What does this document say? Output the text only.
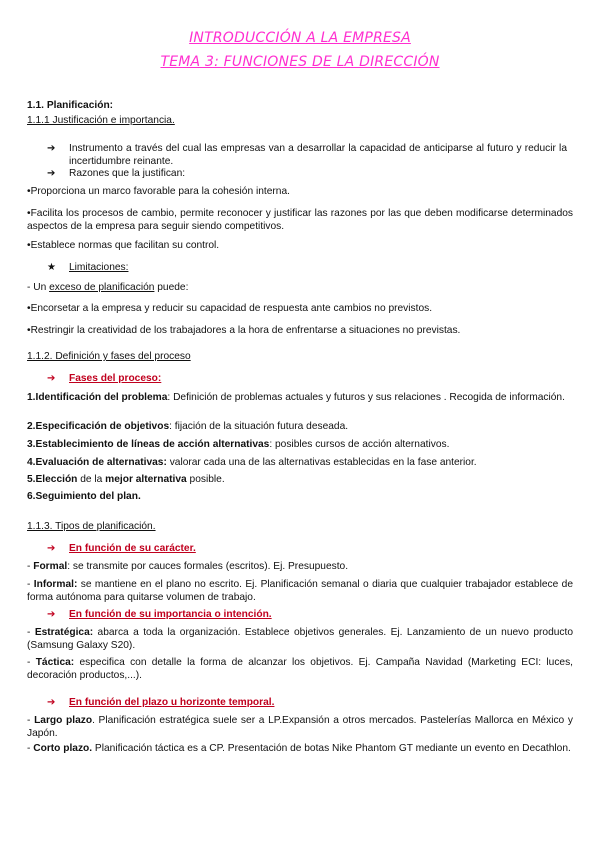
INTRODUCCIÓN A LA EMPRESA
TEMA 3: FUNCIONES DE LA DIRECCIÓN
1.1. Planificación:
1.1.1 Justificación e importancia.
➔ Instrumento a través del cual las empresas van a desarrollar la capacidad de anticiparse al futuro y reducir la incertidumbre reinante.
➔ Razones que la justifican:
•Proporciona un marco favorable para la cohesión interna.
•Facilita los procesos de cambio, permite reconocer y justificar las razones por las que deben modificarse determinados aspectos de la empresa para seguir siendo competitivos.
•Establece normas que facilitan su control.
★ Limitaciones:
- Un exceso de planificación puede:
•Encorsetar a la empresa y reducir su capacidad de respuesta ante cambios no previstos.
•Restringir la creatividad de los trabajadores a la hora de enfrentarse a situaciones no previstas.
1.1.2. Definición y fases del proceso
➔ Fases del proceso:
1.Identificación del problema: Definición de problemas actuales y futuros y sus relaciones . Recogida de información.
2.Especificación de objetivos: fijación de la situación futura deseada.
3.Establecimiento de líneas de acción alternativas: posibles cursos de acción alternativos.
4.Evaluación de alternativas: valorar cada una de las alternativas establecidas en la fase anterior.
5.Elección de la mejor alternativa posible.
6.Seguimiento del plan.
1.1.3. Tipos de planificación.
➔ En función de su carácter.
- Formal: se transmite por cauces formales (escritos). Ej. Presupuesto.
- Informal: se mantiene en el plano no escrito. Ej. Planificación semanal o diaria que cualquier trabajador establece de forma autónoma para quitarse volumen de trabajo.
➔ En función de su importancia o intención.
- Estratégica: abarca a toda la organización. Establece objetivos generales. Ej. Lanzamiento de un nuevo producto (Samsung Galaxy S20).
- Táctica: especifica con detalle la forma de alcanzar los objetivos. Ej. Campaña Navidad (Marketing ECI: luces, decoración productos,...).
➔ En función del plazo u horizonte temporal.
- Largo plazo. Planificación estratégica suele ser a LP.Expansión a otros mercados. Pastelerías Mallorca en México y Japón.
- Corto plazo. Planificación táctica es a CP. Presentación de botas Nike Phantom GT mediante un evento en Decathlon.
